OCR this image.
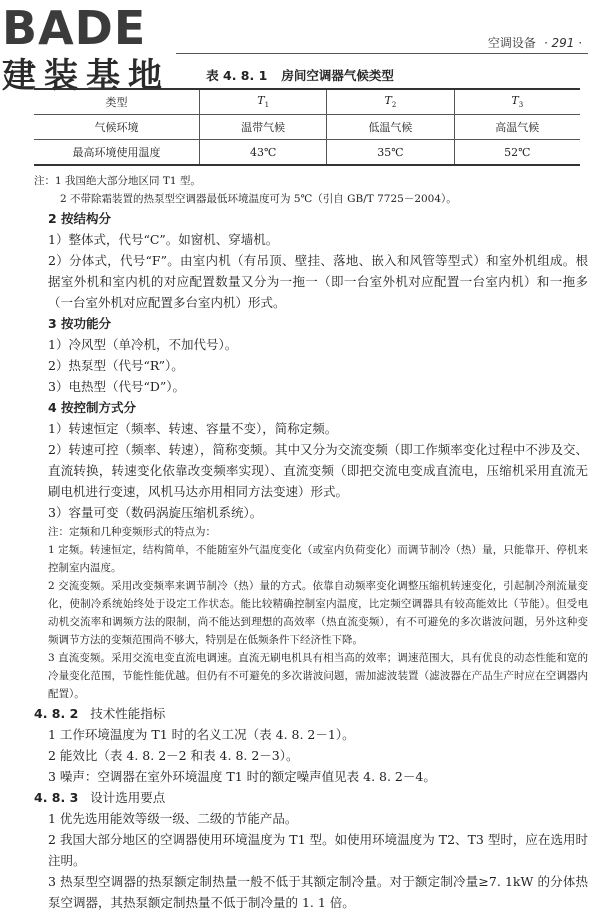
BADE
建装基地
空调设备 · 291 ·
表 4. 8. 1 房间空调器气候类型
类型	$T_1$	$T_2$	$T_3$
气候环境	温带气候	低温气候	高温气候
最高环境使用温度	43℃	35℃	52℃

注：1 我国绝大部分地区同 T1 型。

2 不带除霜装置的热泵型空调器最低环境温度可为 5℃（引自 GB/T 7725－2004）。

2 按结构分

1）整体式，代号“C”。如窗机、穿墙机。

2）分体式，代号“F”。由室内机（有吊顶、壁挂、落地、嵌入和风管等型式）和室外机组成。根据室外机和室内机的对应配置数量又分为一拖一（即一台室外机对应配置一台室内机）和一拖多（一台室外机对应配置多台室内机）形式。

3 按功能分

1）冷风型（单冷机，不加代号）。

2）热泵型（代号“R”）。

3）电热型（代号“D”）。

4 按控制方式分

1）转速恒定（频率、转速、容量不变），简称定频。

2）转速可控（频率、转速），简称变频。其中又分为交流变频（即工作频率变化过程中不涉及交、直流转换，转速变化依靠改变频率实现）、直流变频（即把交流电变成直流电，压缩机采用直流无刷电机进行变速，风机马达亦用相同方法变速）形式。

3）容量可变（数码涡旋压缩机系统）。

注：定频和几种变频形式的特点为：

1 定频。转速恒定，结构简单，不能随室外气温度变化（或室内负荷变化）而调节制冷（热）量，只能靠开、停机来控制室内温度。

2 交流变频。采用改变频率来调节制冷（热）量的方式。依靠自动频率变化调整压缩机转速变化，引起制冷剂流量变化，使制冷系统始终处于设定工作状态。能比较精确控制室内温度，比定频空调器具有较高能效比（节能）。但受电动机交流率和调频方法的限制，尚不能达到理想的高效率（热直流变频），有不可避免的多次谐波问题，另外这种变频调节方法的变频范围尚不够大，特别是在低频条件下经济性下降。

3 直流变频。采用交流电变直流电调速。直流无刷电机具有相当高的效率；调速范围大，具有优良的动态性能和宽的冷量变化范围，节能性能优越。但仍有不可避免的多次谐波问题，需加滤波装置（滤波器在产品生产时应在空调器内配置）。

4. 8. 2 技术性能指标

1 工作环境温度为 T1 时的名义工况（表 4. 8. 2－1）。

2 能效比（表 4. 8. 2－2 和表 4. 8. 2－3）。

3 噪声：空调器在室外环境温度 T1 时的额定噪声值见表 4. 8. 2－4。

4. 8. 3 设计选用要点

1 优先选用能效等级一级、二级的节能产品。

2 我国大部分地区的空调器使用环境温度为 T1 型。如使用环境温度为 T2、T3 型时，应在选用时注明。

3 热泵型空调器的热泵额定制热量一般不低于其额定制冷量。对于额定制冷量≥7. 1kW 的分体热泵空调器，其热泵额定制热量不低于制冷量的 1. 1 倍。
